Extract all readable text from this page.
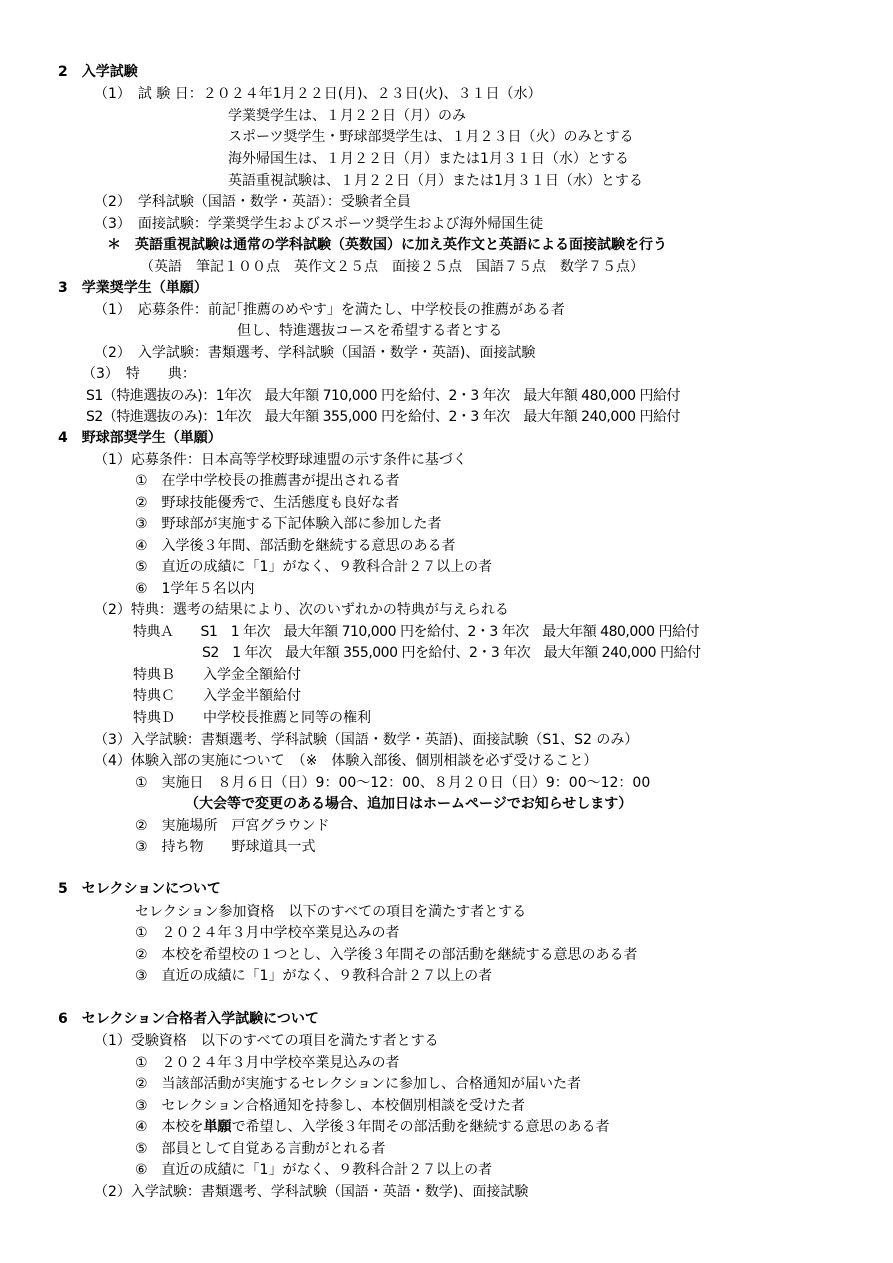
2　入学試験
（1）　試 験 日：２０２４年1月２２日(月)、２３日(火)、３１日（水）
学業奨学生は、１月２２日（月）のみ
スポーツ奨学生・野球部奨学生は、１月２３日（火）のみとする
海外帰国生は、１月２２日（月）または1月３１日（水）とする
英語重視試験は、１月２２日（月）または1月３１日（水）とする
（2）　学科試験（国語・数学・英語）：受験者全員
（3）　面接試験：学業奨学生およびスポーツ奨学生および海外帰国生徒
＊　英語重視試験は通常の学科試験（英数国）に加え英作文と英語による面接試験を行う
（英語　筆記１００点　英作文２５点　面接２５点　国語７５点　数学７５点）
3　学業奨学生（単願）
（1）　応募条件：前記｢推薦のめやす」を満たし、中学校長の推薦がある者
但し、特進選抜コースを希望する者とする
（2）　入学試験：書類選考、学科試験（国語・数学・英語)、面接試験
（3）　特　　典：
S1（特進選抜のみ)：1年次　最大年額 710,000 円を給付、2・3 年次　最大年額 480,000 円給付
S2（特進選抜のみ)：1年次　最大年額 355,000 円を給付、2・3 年次　最大年額 240,000 円給付
4　野球部奨学生（単願）
（1）応募条件：日本高等学校野球連盟の示す条件に基づく
①　在学中学校長の推薦書が提出される者
②　野球技能優秀で、生活態度も良好な者
③　野球部が実施する下記体験入部に参加した者
④　入学後３年間、部活動を継続する意思のある者
⑤　直近の成績に「1」がなく、９教科合計２７以上の者
⑥　1学年５名以内
（2）特典：選考の結果により、次のいずれかの特典が与えられる
特典Ａ　　S1　1 年次　最大年額 710,000 円を給付、2・3 年次　最大年額 480,000 円給付
S2　1 年次　最大年額 355,000 円を給付、2・3 年次　最大年額 240,000 円給付
特典Ｂ　　入学金全額給付
特典Ｃ　　入学金半額給付
特典Ｄ　　中学校長推薦と同等の権利
（3）入学試験：書類選考、学科試験（国語・数学・英語)、面接試験（S1、S2 のみ）
（4）体験入部の実施について　（※　体験入部後、個別相談を必ず受けること）
①　実施日　８月６日（日）9：00〜12：00、８月２０日（日）9：00〜12：00
（大会等で変更のある場合、追加日はホームページでお知らせします）
②　実施場所　戸宮グラウンド
③　持ち物　　野球道具一式
5　セレクションについて
セレクション参加資格　以下のすべての項目を満たす者とする
①　２０２４年３月中学校卒業見込みの者
②　本校を希望校の１つとし、入学後３年間その部活動を継続する意思のある者
③　直近の成績に「1」がなく、９教科合計２７以上の者
6　セレクション合格者入学試験について
（1）受験資格　以下のすべての項目を満たす者とする
①　２０２４年３月中学校卒業見込みの者
②　当該部活動が実施するセレクションに参加し、合格通知が届いた者
③　セレクション合格通知を持参し、本校個別相談を受けた者
④　本校を単願で希望し、入学後３年間その部活動を継続する意思のある者
⑤　部員として自覚ある言動がとれる者
⑥　直近の成績に「1」がなく、９教科合計２７以上の者
（2）入学試験：書類選考、学科試験（国語・英語・数学)、面接試験
